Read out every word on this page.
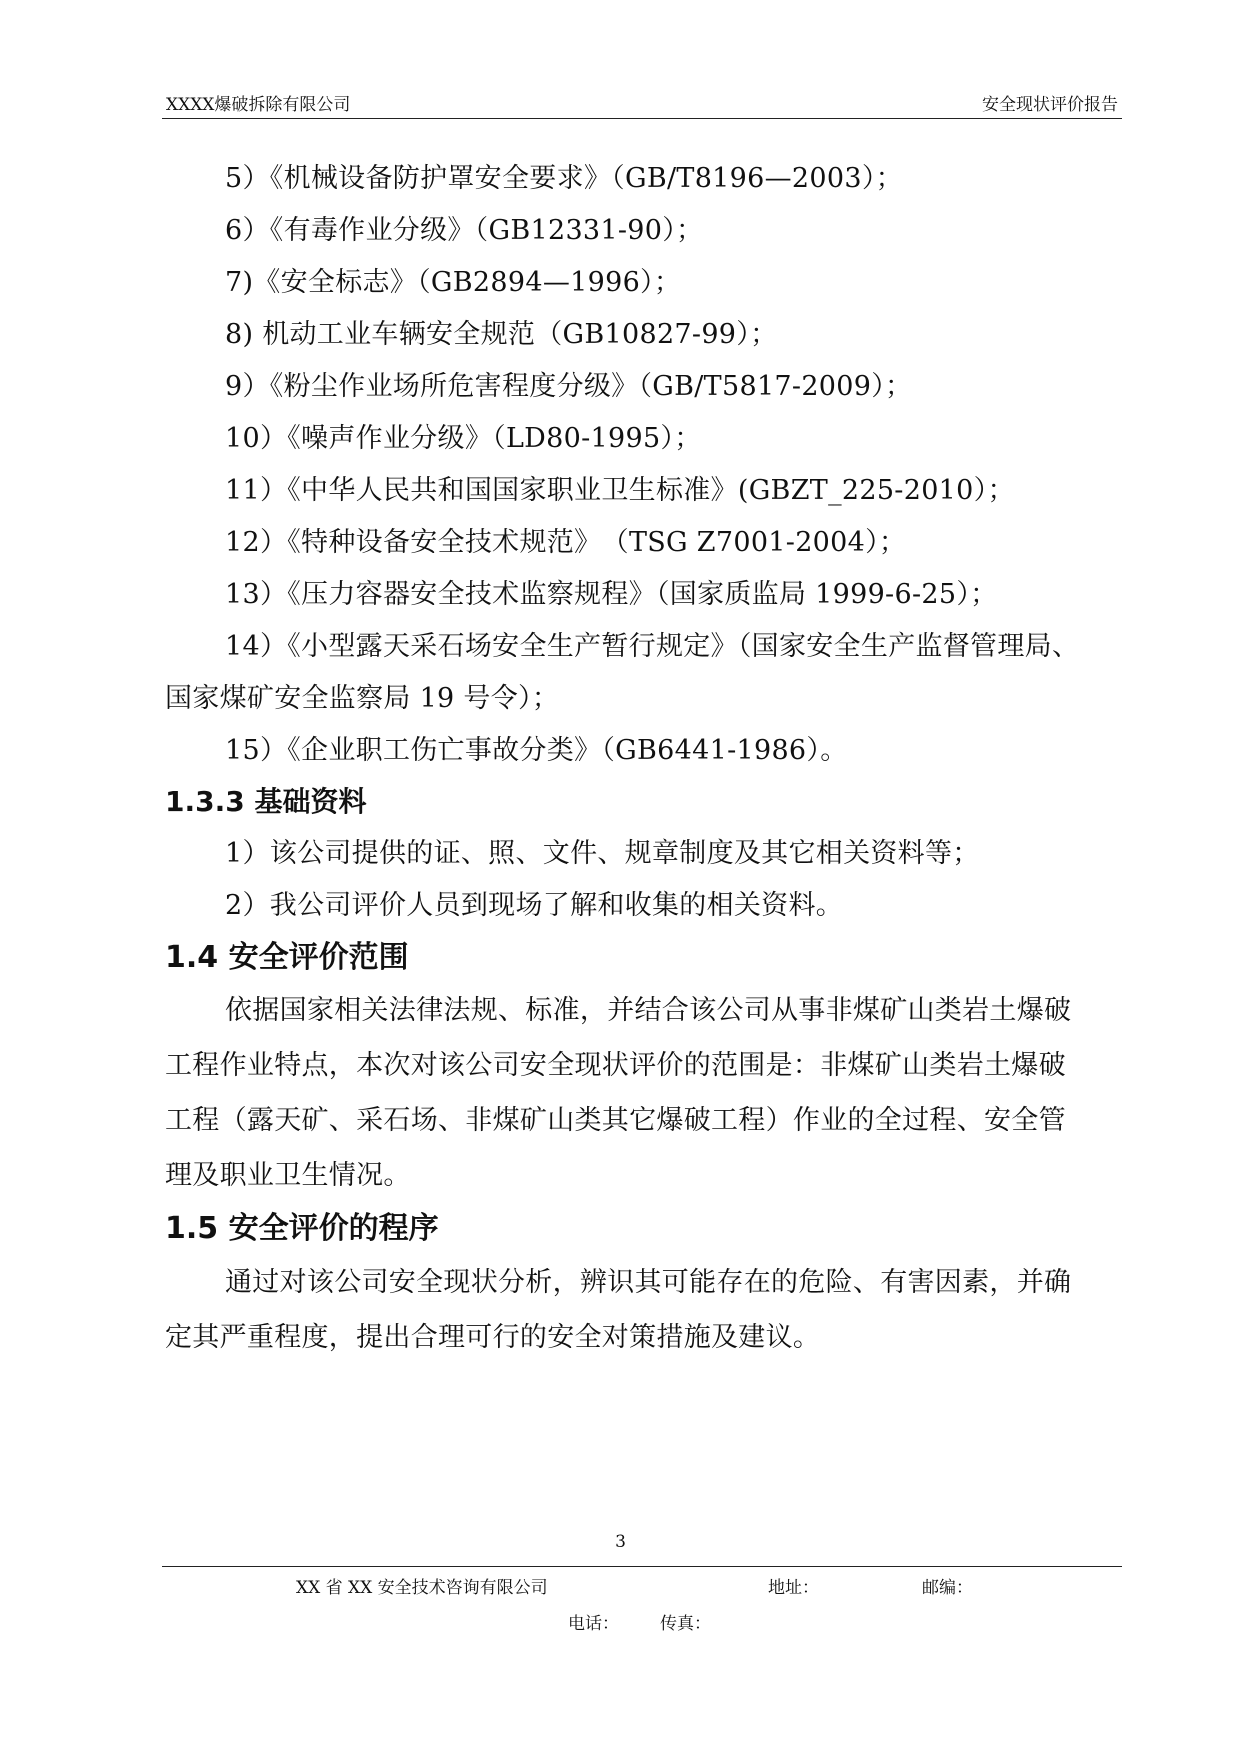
XXXX爆破拆除有限公司	安全现状评价报告
5）《机械设备防护罩安全要求》（GB/T8196—2003）；
6）《有毒作业分级》（GB12331-90）；
7)《安全标志》（GB2894—1996）；
8) 机动工业车辆安全规范（GB10827-99）；
9）《粉尘作业场所危害程度分级》（GB/T5817-2009）；
10）《噪声作业分级》（LD80-1995）；
11）《中华人民共和国国家职业卫生标准》(GBZT_225-2010）；
12）《特种设备安全技术规范》　（TSG Z7001-2004）；
13）《压力容器安全技术监察规程》（国家质监局 1999-6-25）；
14）《小型露天采石场安全生产暂行规定》（国家安全生产监督管理局、
国家煤矿安全监察局 19 号令）；
15）《企业职工伤亡事故分类》（GB6441-1986）。
1.3.3 基础资料
1）该公司提供的证、照、文件、规章制度及其它相关资料等；
2）我公司评价人员到现场了解和收集的相关资料。
1.4 安全评价范围
依据国家相关法律法规、标准，并结合该公司从事非煤矿山类岩土爆破
工程作业特点，本次对该公司安全现状评价的范围是：非煤矿山类岩土爆破
工程（露天矿、采石场、非煤矿山类其它爆破工程）作业的全过程、安全管
理及职业卫生情况。
1.5 安全评价的程序
通过对该公司安全现状分析，辨识其可能存在的危险、有害因素，并确
定其严重程度，提出合理可行的安全对策措施及建议。
3
XX 省 XX 安全技术咨询有限公司	地址：	邮编：
电话： 传真：
